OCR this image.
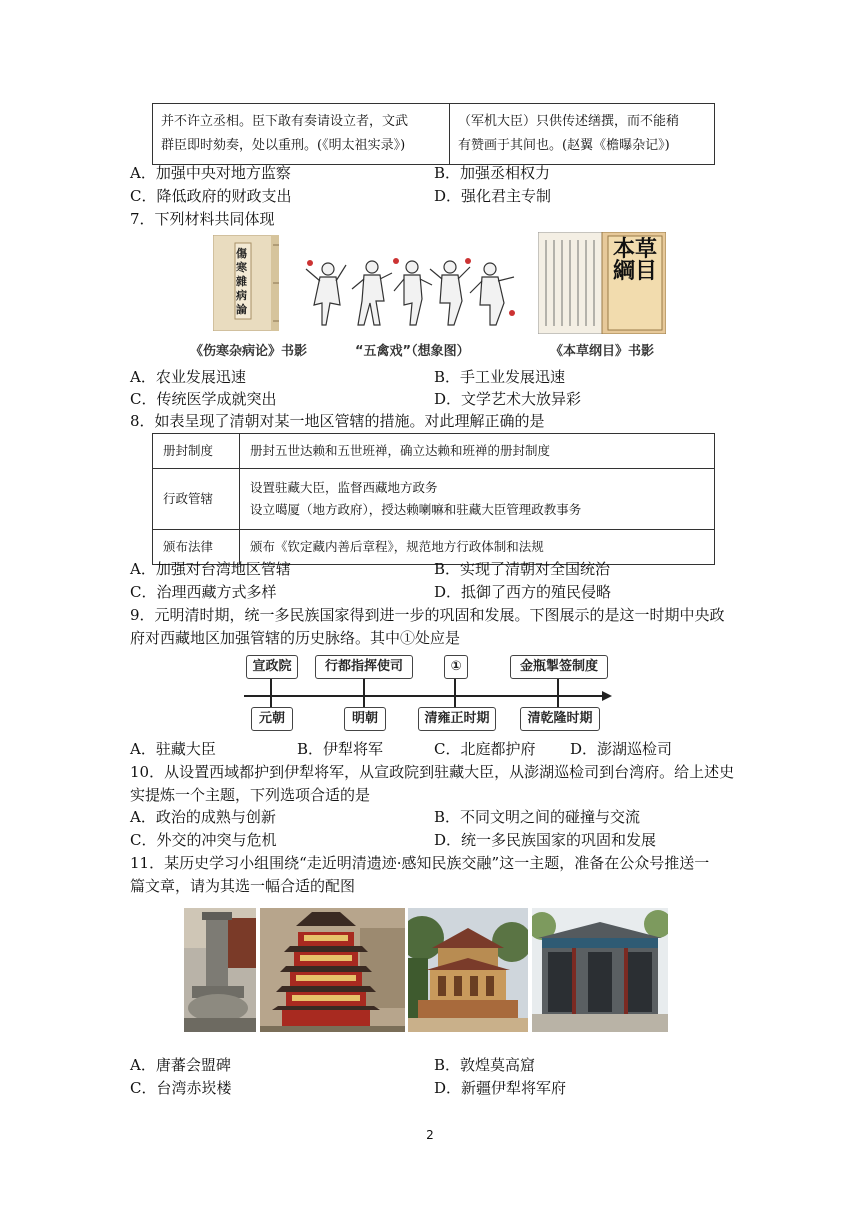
并不许立丞相。臣下敢有奏请设立者，文武
群臣即时劾奏，处以重刑。(《明太祖实录》)

（军机大臣）只供传述缮撰，而不能稍
有赞画于其间也。(赵翼《檐曝杂记》)
A．加强中央对地方监察	B．加强丞相权力
C．降低政府的财政支出	D．强化君主专制
7．下列材料共同体现
傷寒雜病論
本草綱目
《伤寒杂病论》书影	“五禽戏”（想象图）	《本草纲目》书影
A．农业发展迅速	B．手工业发展迅速
C．传统医学成就突出	D．文学艺术大放异彩
8．如表呈现了清朝对某一地区管辖的措施。对此理解正确的是
册封制度	册封五世达赖和五世班禅，确立达赖和班禅的册封制度

行政管辖	设置驻藏大臣，监督西藏地方政务
设立噶厦（地方政府），授达赖喇嘛和驻藏大臣管理政教事务

颁布法律	颁布《钦定藏内善后章程》，规范地方行政体制和法规
A．加强对台湾地区管辖	B．实现了清朝对全国统治
C．治理西藏方式多样	D．抵御了西方的殖民侵略
9．元明清时期，统一多民族国家得到进一步的巩固和发展。下图展示的是这一时期中央政
府对西藏地区加强管辖的历史脉络。其中①处应是
宣政院	行都指挥使司	①	金瓶掣签制度
元朝	明朝	清雍正时期	清乾隆时期
A．驻藏大臣	B．伊犁将军	C．北庭都护府 D．澎湖巡检司
10．从设置西域都护到伊犁将军，从宣政院到驻藏大臣，从澎湖巡检司到台湾府。给上述史
实提炼一个主题，下列选项合适的是
A．政治的成熟与创新	B．不同文明之间的碰撞与交流
C．外交的冲突与危机	D．统一多民族国家的巩固和发展
11．某历史学习小组围绕“走近明清遗迹·感知民族交融”这一主题，准备在公众号推送一
篇文章，请为其选一幅合适的配图
A．唐蕃会盟碑	B．敦煌莫高窟
C．台湾赤崁楼	D．新疆伊犁将军府
2
